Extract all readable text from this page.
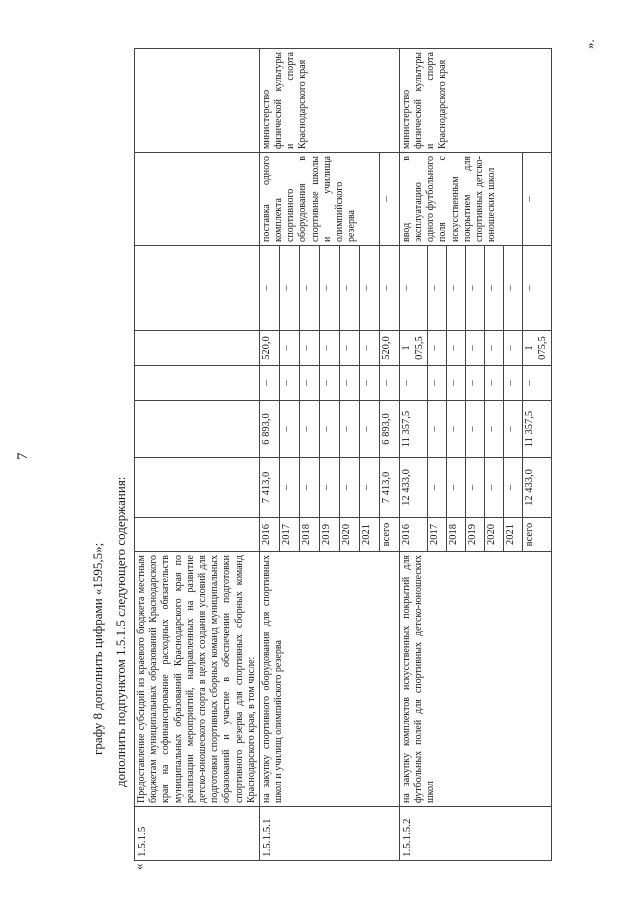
7
графу 8 дополнить цифрами «1595,5»; дополнить подпунктом 1.5.1.5 следующего содержания:
«
».
1.5.1.5	Предоставление субсидий из краевого бюджета местным бюджетам муниципальных образований Краснодарского края на софинансирование расходных обязательств муниципальных образований Краснодарского края по реализации мероприятий, направленных на развитие детско-юношеского спорта в целях создания условий для подготовки спортивных сборных команд муниципальных образований и участие в обеспечении подготовки спортивного резерва для спортивных сборных команд Краснодарского края, в том числе:								
1.5.1.5.1	на закупку спортивного оборудования для спортивных школ и училищ олимпийского резерва	2016	7 413,0	6 893,0	–	520,0	–	поставка одного комплекта спортивного оборудования в спортивные школы и училища олимпийского резерва	министерство физической культуры и спорта Краснодарского края
		2017	–	–	–	–	–		
		2018	–	–	–	–	–		
		2019	–	–	–	–	–		
		2020	–	–	–	–	–		
		2021	–	–	–	–	–		
		всего	7 413,0	6 893,0	–	520,0	–	–	
1.5.1.5.2	на закупку комплектов искусственных покрытий для футбольных полей для спортивных детско-юношеских школ	2016	12 433,0	11 357,5	–	1 075,5	–	ввод в эксплуатацию одного футбольного поля с искусственным покрытием для спортивных детско-юношеских школ	министерство физической культуры и спорта Краснодарского края
		2017	–	–	–	–	–		
		2018	–	–	–	–	–		
		2019	–	–	–	–	–		
		2020	–	–	–	–	–		
		2021	–	–	–	–	–		
		всего	12 433,0	11 357,5	–	1 075,5	–	–	
